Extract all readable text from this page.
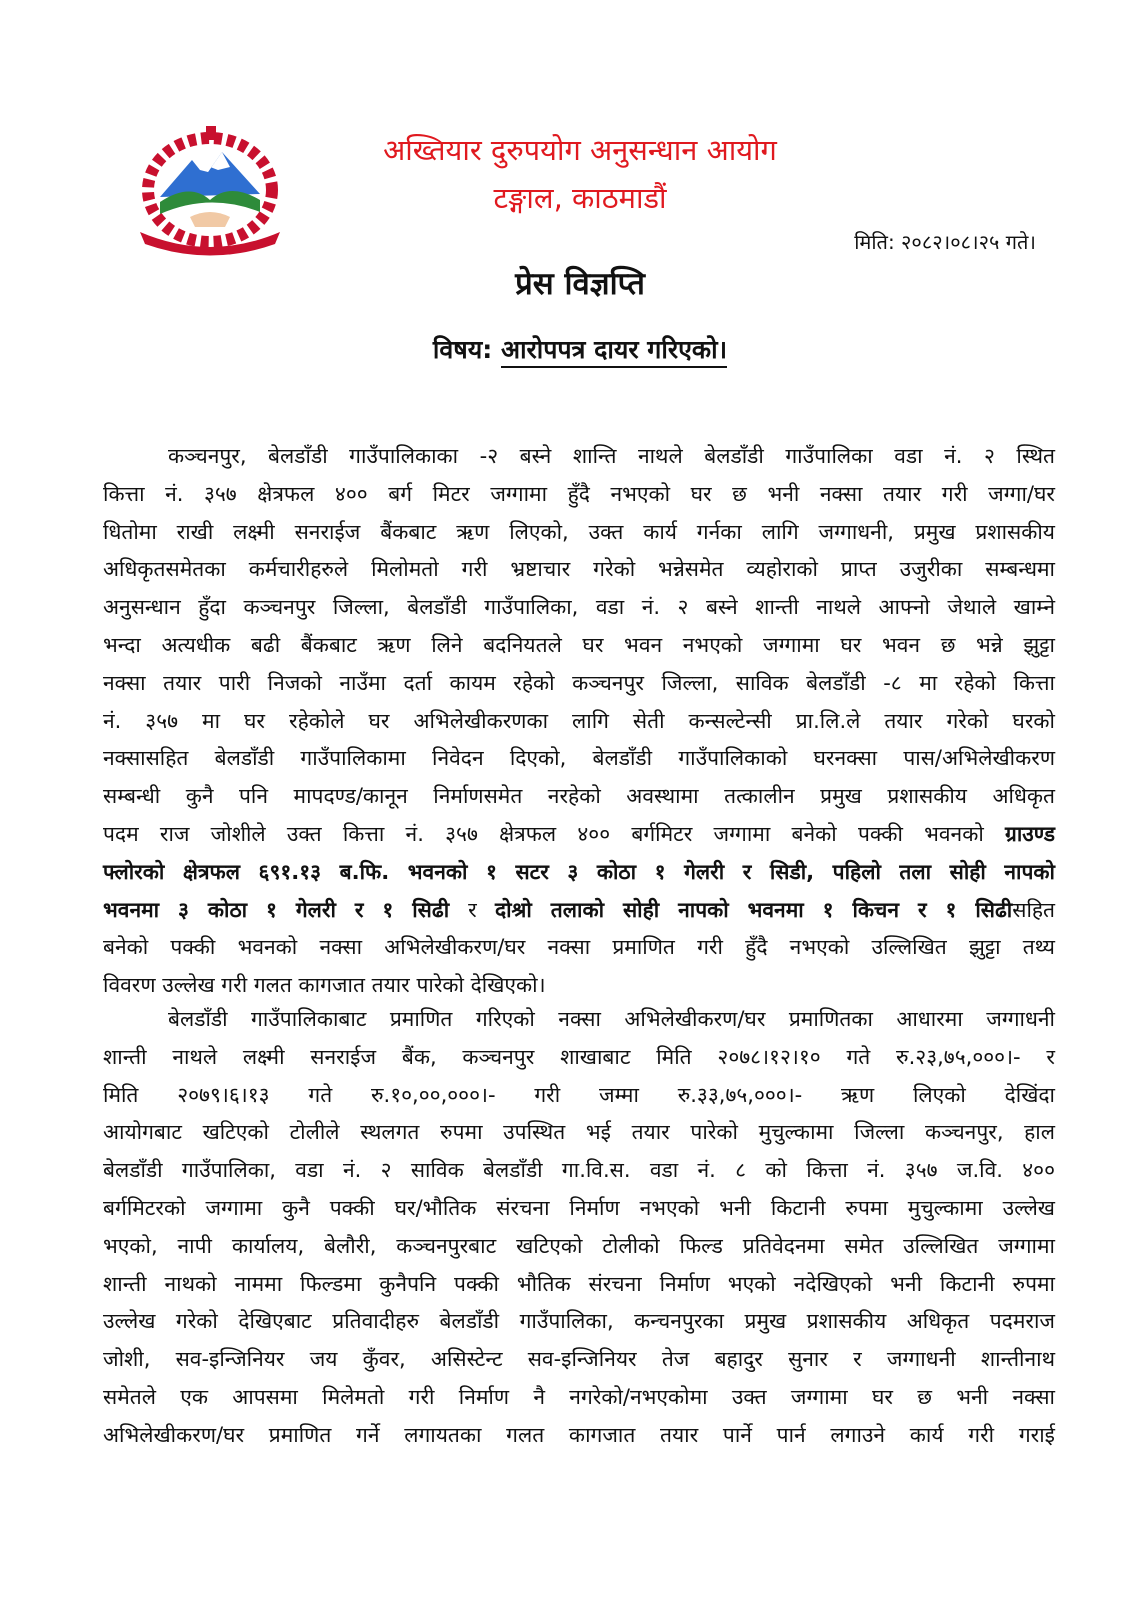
अख्तियार दुरुपयोग अनुसन्धान आयोग
टङ्गाल, काठमाडौं
मिति: २०८२।०८।२५ गते।
प्रेस विज्ञप्ति
विषय: आरोपपत्र दायर गरिएको।
कञ्चनपुर, बेलडाँडी गाउँपालिकाका -२ बस्ने शान्ति नाथले बेलडाँडी गाउँपालिका वडा नं. २ स्थित
कित्ता नं. ३५७ क्षेत्रफल ४०० बर्ग मिटर जग्गामा हुँदै नभएको घर छ भनी नक्सा तयार गरी जग्गा/घर
धितोमा राखी लक्ष्मी सनराईज बैंकबाट ऋण लिएको, उक्त कार्य गर्नका लागि जग्गाधनी, प्रमुख प्रशासकीय
अधिकृतसमेतका कर्मचारीहरुले मिलोमतो गरी भ्रष्टाचार गरेको भन्नेसमेत व्यहोराको प्राप्त उजुरीका सम्बन्धमा
अनुसन्धान हुँदा कञ्चनपुर जिल्ला, बेलडाँडी गाउँपालिका, वडा नं. २ बस्ने शान्ती नाथले आफ्नो जेथाले खाम्ने
भन्दा अत्यधीक बढी बैंकबाट ऋण लिने बदनियतले घर भवन नभएको जग्गामा घर भवन छ भन्ने झुट्टा
नक्सा तयार पारी निजको नाउँमा दर्ता कायम रहेको कञ्चनपुर जिल्ला, साविक बेलडाँडी -८ मा रहेको कित्ता
नं. ३५७ मा घर रहेकोले घर अभिलेखीकरणका लागि सेती कन्सल्टेन्सी प्रा.लि.ले तयार गरेको घरको
नक्सासहित बेलडाँडी गाउँपालिकामा निवेदन दिएको, बेलडाँडी गाउँपालिकाको घरनक्सा पास/अभिलेखीकरण
सम्बन्धी कुनै पनि मापदण्ड/कानून निर्माणसमेत नरहेको अवस्थामा तत्कालीन प्रमुख प्रशासकीय अधिकृत
पदम राज जोशीले उक्त कित्ता नं. ३५७ क्षेत्रफल ४०० बर्गमिटर जग्गामा बनेको पक्की भवनको ग्राउण्ड
फ्लोरको क्षेत्रफल ६९१.१३ ब.फि. भवनको १ सटर ३ कोठा १ गेलरी र सिडी, पहिलो तला सोही नापको
भवनमा ३ कोठा १ गेलरी र १ सिढी र दोश्रो तलाको सोही नापको भवनमा १ किचन र १ सिढीसहित
बनेको पक्की भवनको नक्सा अभिलेखीकरण/घर नक्सा प्रमाणित गरी हुँदै नभएको उल्लिखित झुट्टा तथ्य
विवरण उल्लेख गरी गलत कागजात तयार पारेको देखिएको।
बेलडाँडी गाउँपालिकाबाट प्रमाणित गरिएको नक्सा अभिलेखीकरण/घर प्रमाणितका आधारमा जग्गाधनी
शान्ती नाथले लक्ष्मी सनराईज बैंक, कञ्चनपुर शाखाबाट मिति २०७८।१२।१० गते रु.२३,७५,०००।- र
मिति २०७९।६।१३ गते रु.१०,००,०००।- गरी जम्मा रु.३३,७५,०००।- ऋण लिएको देखिंदा
आयोगबाट खटिएको टोलीले स्थलगत रुपमा उपस्थित भई तयार पारेको मुचुल्कामा जिल्ला कञ्चनपुर, हाल
बेलडाँडी गाउँपालिका, वडा नं. २ साविक बेलडाँडी गा.वि.स. वडा नं. ८ को कित्ता नं. ३५७ ज.वि. ४००
बर्गमिटरको जग्गामा कुनै पक्की घर/भौतिक संरचना निर्माण नभएको भनी किटानी रुपमा मुचुल्कामा उल्लेख
भएको, नापी कार्यालय, बेलौरी, कञ्चनपुरबाट खटिएको टोलीको फिल्ड प्रतिवेदनमा समेत उल्लिखित जग्गामा
शान्ती नाथको नाममा फिल्डमा कुनैपनि पक्की भौतिक संरचना निर्माण भएको नदेखिएको भनी किटानी रुपमा
उल्लेख गरेको देखिएबाट प्रतिवादीहरु बेलडाँडी गाउँपालिका, कन्चनपुरका प्रमुख प्रशासकीय अधिकृत पदमराज
जोशी, सव-इन्जिनियर जय कुँवर, असिस्टेन्ट सव-इन्जिनियर तेज बहादुर सुनार र जग्गाधनी शान्तीनाथ
समेतले एक आपसमा मिलेमतो गरी निर्माण नै नगरेको/नभएकोमा उक्त जग्गामा घर छ भनी नक्सा
अभिलेखीकरण/घर प्रमाणित गर्ने लगायतका गलत कागजात तयार पार्ने पार्न लगाउने कार्य गरी गराई
